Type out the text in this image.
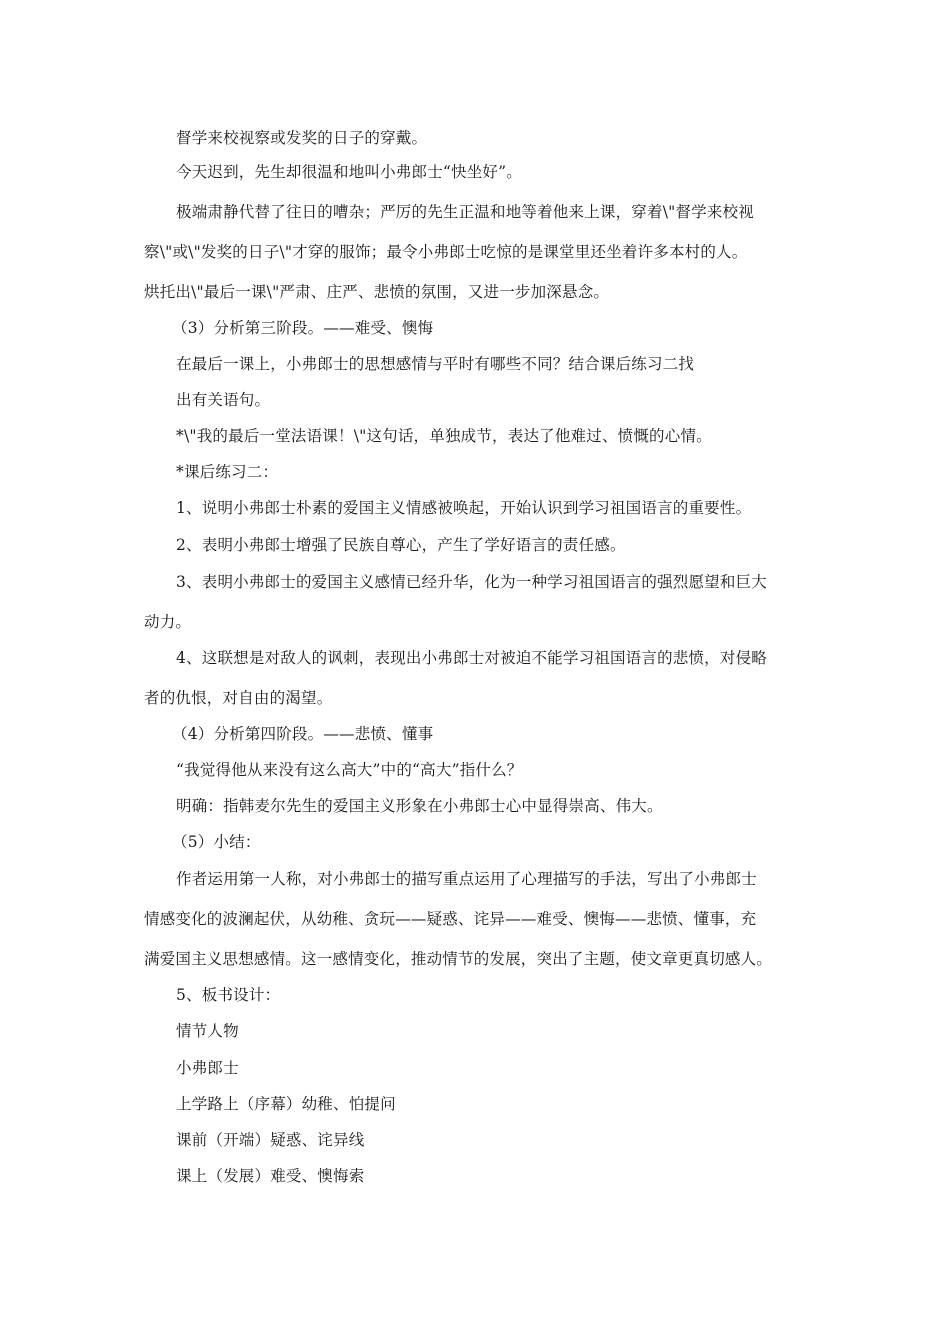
督学来校视察或发奖的日子的穿戴。
今天迟到，先生却很温和地叫小弗郎士“快坐好”。
极端肃静代替了往日的嘈杂；严厉的先生正温和地等着他来上课，穿着\"督学来校视
察\"或\"发奖的日子\"才穿的服饰；最令小弗郎士吃惊的是课堂里还坐着许多本村的人。
烘托出\"最后一课\"严肃、庄严、悲愤的氛围，又进一步加深悬念。
（3）分析第三阶段。——难受、懊悔
在最后一课上，小弗郎士的思想感情与平时有哪些不同？结合课后练习二找
出有关语句。
*\"我的最后一堂法语课！\"这句话，单独成节，表达了他难过、愤慨的心情。
*课后练习二：
1、说明小弗郎士朴素的爱国主义情感被唤起，开始认识到学习祖国语言的重要性。
2、表明小弗郎士增强了民族自尊心，产生了学好语言的责任感。
3、表明小弗郎士的爱国主义感情已经升华，化为一种学习祖国语言的强烈愿望和巨大
动力。
4、这联想是对敌人的讽刺，表现出小弗郎士对被迫不能学习祖国语言的悲愤，对侵略
者的仇恨，对自由的渴望。
（4）分析第四阶段。——悲愤、懂事
“我觉得他从来没有这么高大”中的“高大”指什么？
明确：指韩麦尔先生的爱国主义形象在小弗郎士心中显得崇高、伟大。
（5）小结：
作者运用第一人称，对小弗郎士的描写重点运用了心理描写的手法，写出了小弗郎士
情感变化的波澜起伏，从幼稚、贪玩——疑惑、诧异——难受、懊悔——悲愤、懂事，充
满爱国主义思想感情。这一感情变化，推动情节的发展，突出了主题，使文章更真切感人。
5、板书设计：
情节人物
小弗郎士
上学路上（序幕）幼稚、怕提问
课前（开端）疑惑、诧异线
课上（发展）难受、懊悔索
